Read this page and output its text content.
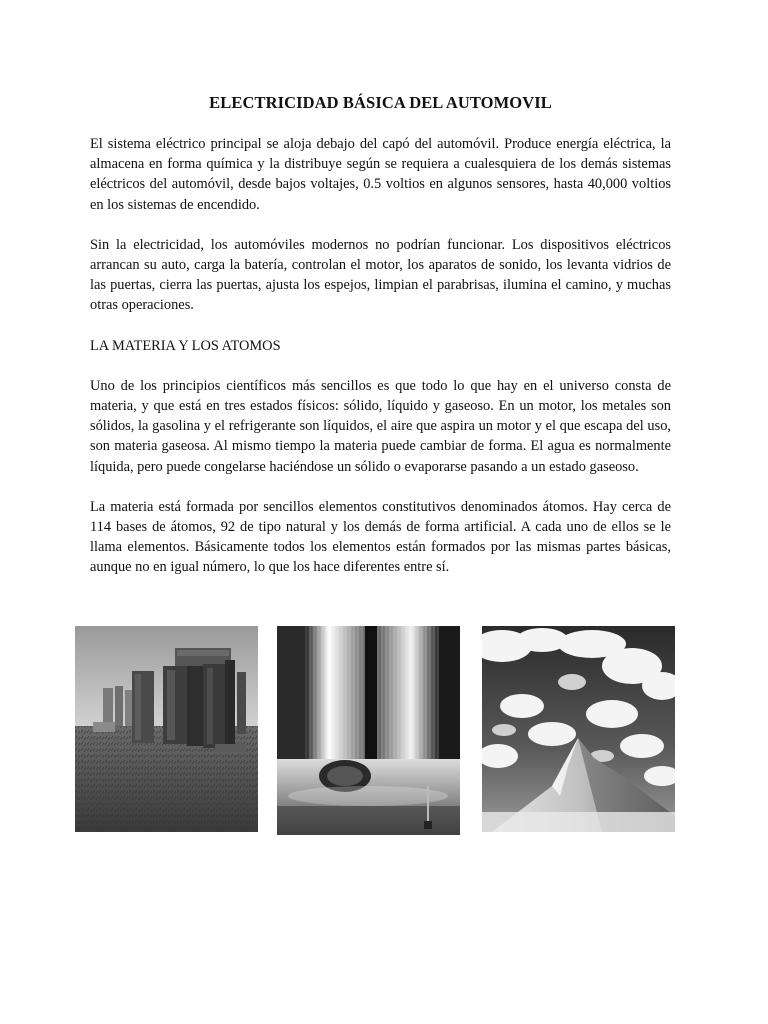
ELECTRICIDAD BÁSICA DEL AUTOMOVIL

El sistema eléctrico principal se aloja debajo del capó del automóvil. Produce energía eléctrica, la almacena en forma química y la distribuye según se requiera a cualesquiera de los demás sistemas eléctricos del automóvil, desde bajos voltajes, 0.5 voltios en algunos sensores, hasta 40,000 voltios en los sistemas de encendido.

Sin la electricidad, los automóviles modernos no podrían funcionar. Los dispositivos eléctricos arrancan su auto, carga la batería, controlan el motor, los aparatos de sonido, los levanta vidrios de las puertas, cierra las puertas, ajusta los espejos, limpian el parabrisas, ilumina el camino, y muchas otras operaciones.

LA MATERIA Y LOS ATOMOS

Uno de los principios científicos más sencillos es que todo lo que hay en el universo consta de materia, y que está en tres estados físicos: sólido, líquido y gaseoso. En un motor, los metales son sólidos, la gasolina y el refrigerante son líquidos, el aire que aspira un motor y el que escapa del uso, son materia gaseosa. Al mismo tiempo la materia puede cambiar de forma. El agua es normalmente líquida, pero puede congelarse haciéndose un sólido o evaporarse pasando a un estado gaseoso.

La materia está formada por sencillos elementos constitutivos denominados átomos. Hay cerca de 114 bases de átomos, 92 de tipo natural y los demás de forma artificial. A cada uno de ellos se le llama elementos. Básicamente todos los elementos están formados por las mismas partes básicas, aunque no en igual número, lo que los hace diferentes entre sí.
